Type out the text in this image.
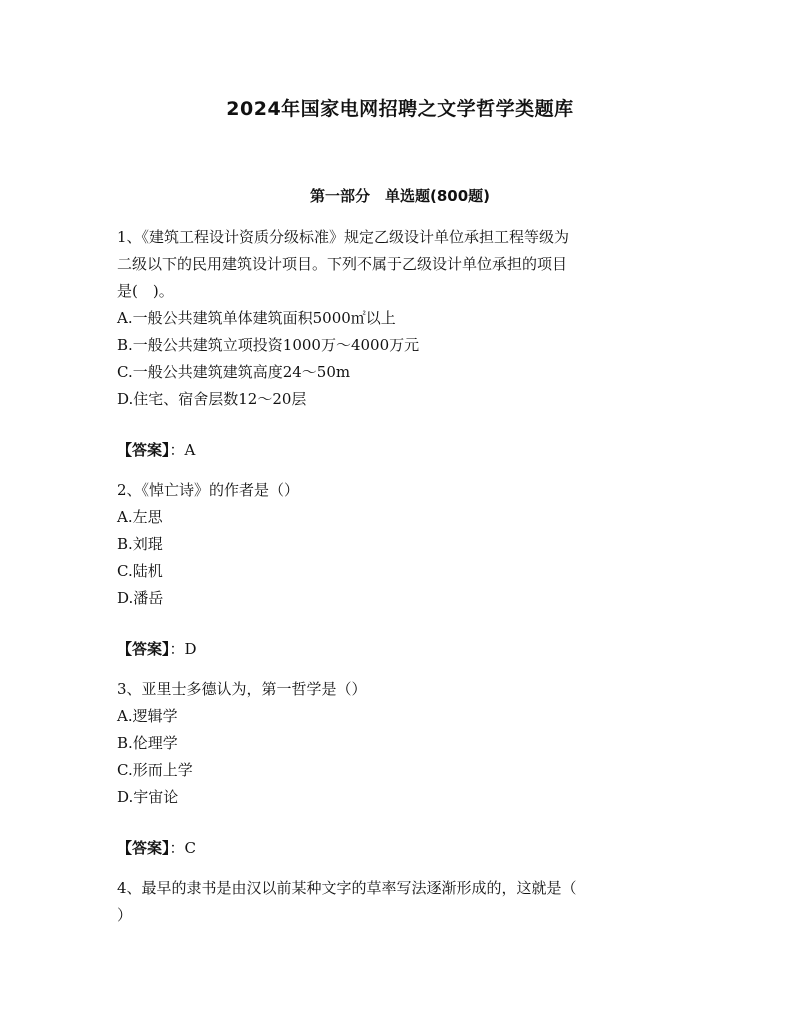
2024年国家电网招聘之文学哲学类题库
第一部分　单选题(800题)

1、《建筑工程设计资质分级标准》规定乙级设计单位承担工程等级为

二级以下的民用建筑设计项目。下列不属于乙级设计单位承担的项目

是(　)。

A.一般公共建筑单体建筑面积5000㎡以上

B.一般公共建筑立项投资1000万～4000万元

C.一般公共建筑建筑高度24～50m

D.住宅、宿舍层数12～20层

【答案】：A

2、《悼亡诗》的作者是（）

A.左思

B.刘琨

C.陆机

D.潘岳

【答案】：D

3、亚里士多德认为，第一哲学是（）

A.逻辑学

B.伦理学

C.形而上学

D.宇宙论

【答案】：C

4、最早的隶书是由汉以前某种文字的草率写法逐渐形成的，这就是（

）
